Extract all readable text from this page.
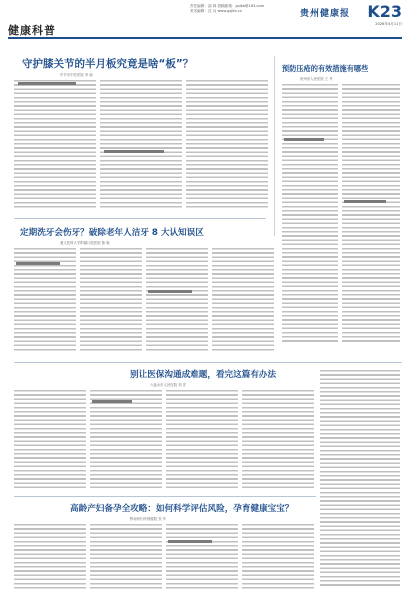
责任编辑：邵 林 投稿邮箱：gzjkb@163.com
美术编辑：沈 兵 www.gzjkb.cn	贵州健康报 K23
2026年4月11日
健康科普
守护膝关节的半月板究竟是啥“板”？
毕节市中医医院 李 丽
预防压疮的有效措施有哪些
贵州省人民医院 王 丹
定期洗牙会伤牙？破除老年人洁牙 8 大认知误区
遵义医科大学附属口腔医院 陈 敏
别让医保沟通成难题，看完这篇有办法
六盘水市人民医院 刘 洋
高龄产妇备孕全攻略：如何科学评估风险，孕育健康宝宝？
黔南州妇幼保健院 张 华
